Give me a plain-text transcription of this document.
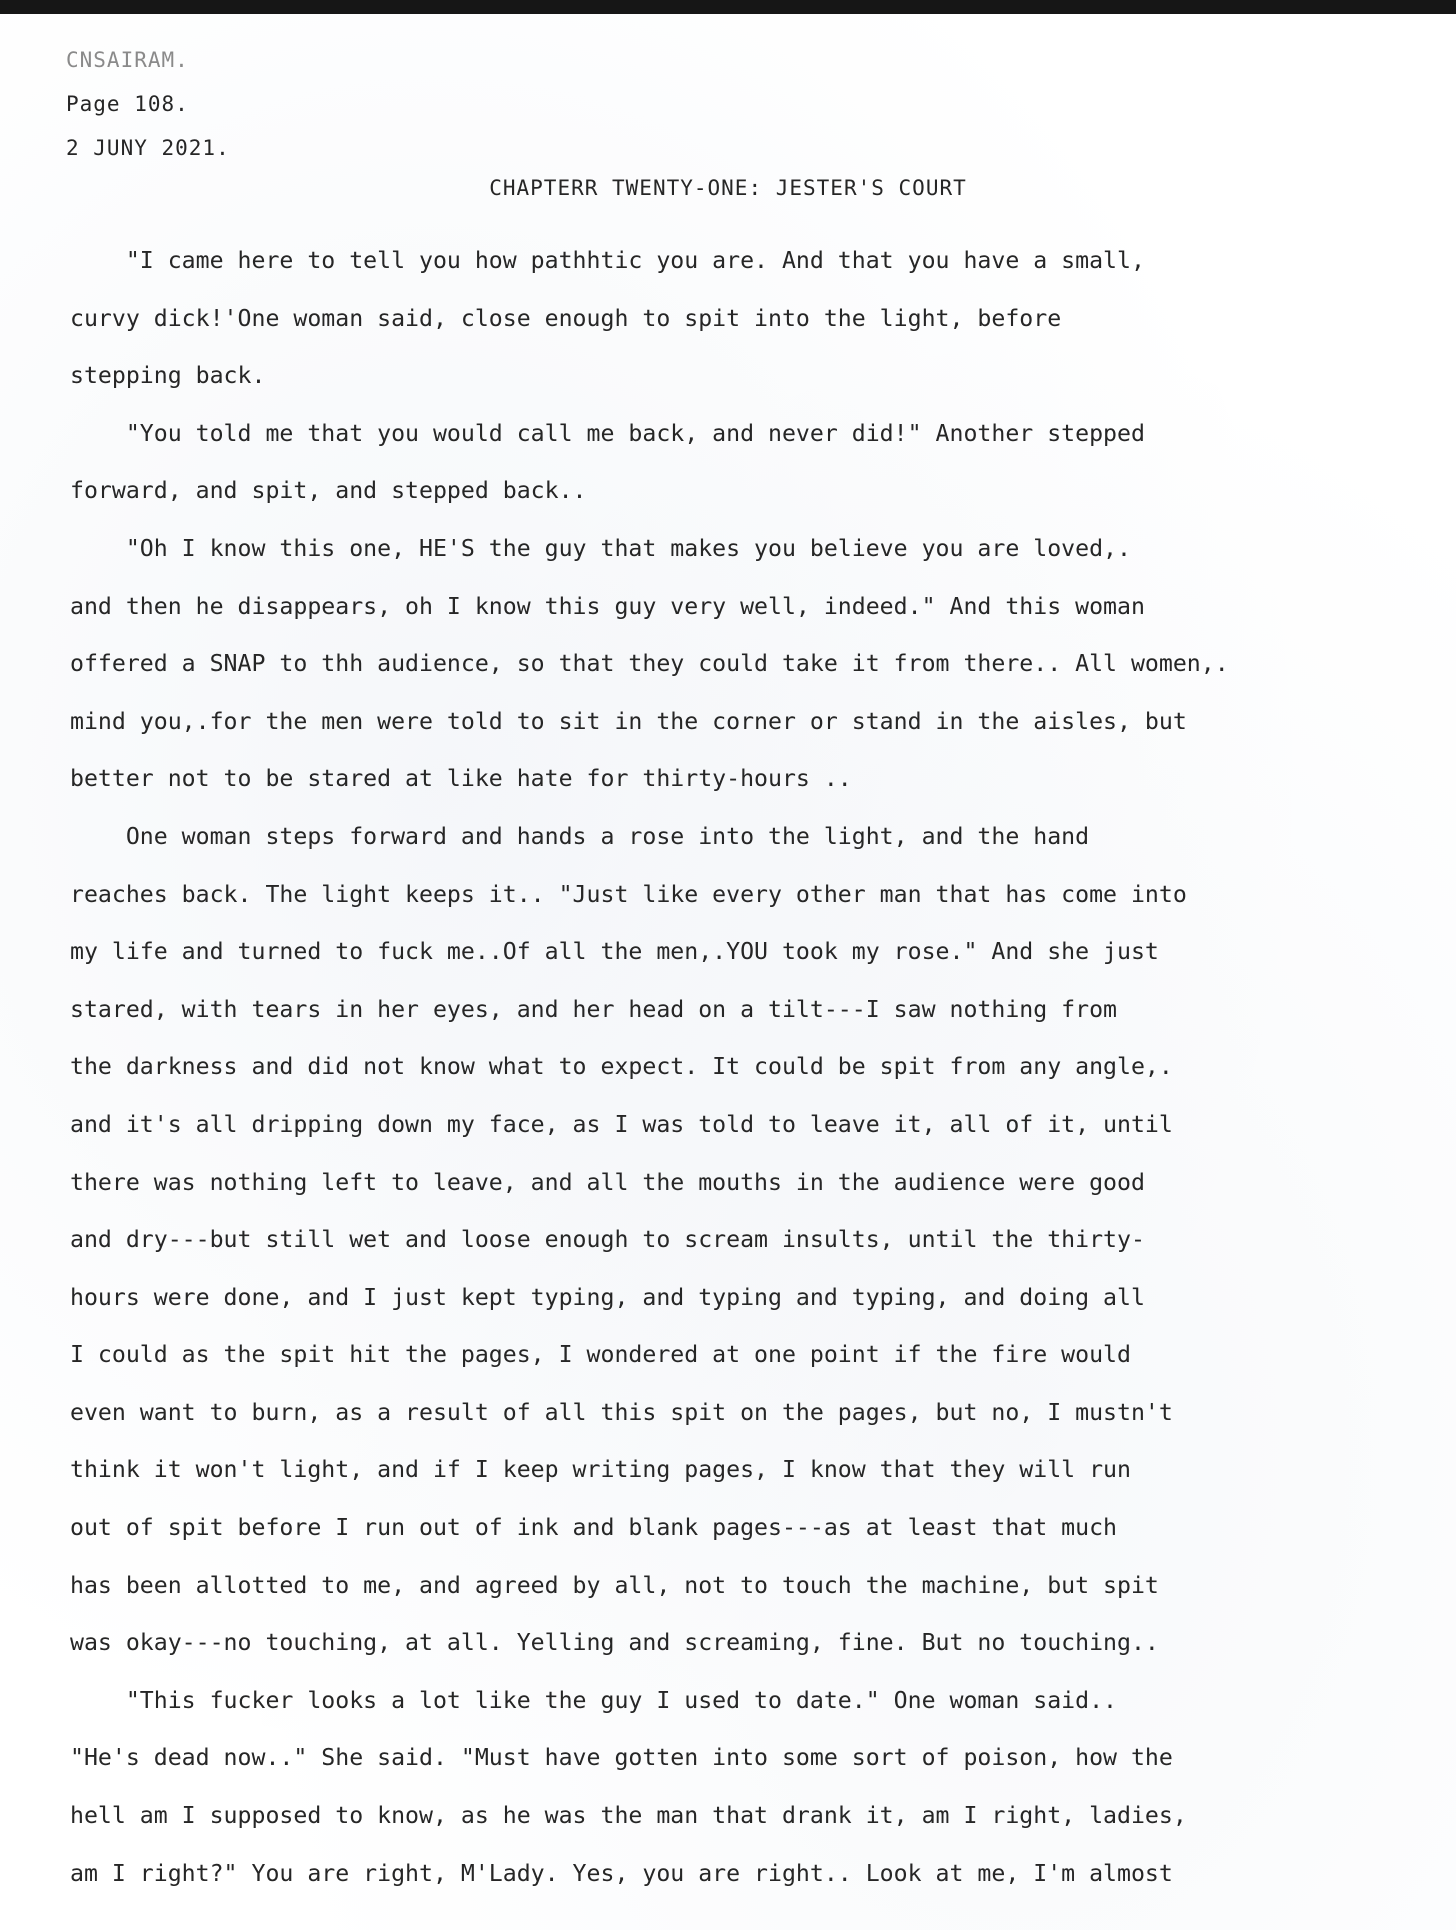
CNSAIRAM.
Page 108.
2 JUNY 2021.
CHAPTERR TWENTY-ONE: JESTER'S COURT
"I came here to tell you how pathhtic you are. And that you have a small,
curvy dick!'One woman said, close enough to spit into the light, before
stepping back.
"You told me that you would call me back, and never did!" Another stepped
forward, and spit, and stepped back..
"Oh I know this one, HE'S the guy that makes you believe you are loved,.
and then he disappears, oh I know this guy very well, indeed." And this woman
offered a SNAP to thh audience, so that they could take it from there.. All women,.
mind you,.for the men were told to sit in the corner or stand in the aisles, but
better not to be stared at like hate for thirty-hours ..
One woman steps forward and hands a rose into the light, and the hand
reaches back. The light keeps it.. "Just like every other man that has come into
my life and turned to fuck me..Of all the men,.YOU took my rose." And she just
stared, with tears in her eyes, and her head on a tilt---I saw nothing from
the darkness and did not know what to expect. It could be spit from any angle,.
and it's all dripping down my face, as I was told to leave it, all of it, until
there was nothing left to leave, and all the mouths in the audience were good
and dry---but still wet and loose enough to scream insults, until the thirty-
hours were done, and I just kept typing, and typing and typing, and doing all
I could as the spit hit the pages, I wondered at one point if the fire would
even want to burn, as a result of all this spit on the pages, but no, I mustn't
think it won't light, and if I keep writing pages, I know that they will run
out of spit before I run out of ink and blank pages---as at least that much
has been allotted to me, and agreed by all, not to touch the machine, but spit
was okay---no touching, at all. Yelling and screaming, fine. But no touching..
"This fucker looks a lot like the guy I used to date." One woman said..
"He's dead now.." She said. "Must have gotten into some sort of poison, how the
hell am I supposed to know, as he was the man that drank it, am I right, ladies,
am I right?" You are right, M'Lady. Yes, you are right.. Look at me, I'm almost
